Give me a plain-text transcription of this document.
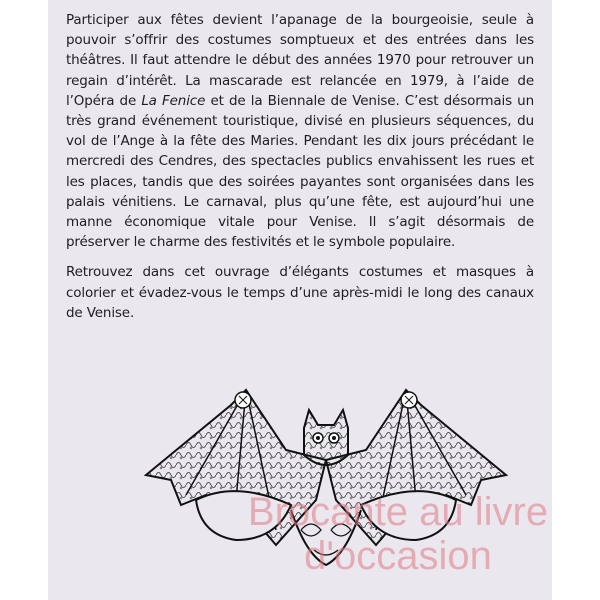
Participer aux fêtes devient l’apanage de la bourgeoisie, seule à pouvoir s’offrir des costumes somptueux et des entrées dans les théâtres. Il faut attendre le début des années 1970 pour retrouver un regain d’intérêt. La mascarade est relancée en 1979, à l’aide de l’Opéra de La Fenice et de la Biennale de Venise. C’est désormais un très grand événement touristique, divisé en plusieurs séquences, du vol de l’Ange à la fête des Maries. Pendant les dix jours précédant le mercredi des Cendres, des spectacles publics envahissent les rues et les places, tandis que des soirées payantes sont organisées dans les palais vénitiens. Le carnaval, plus qu’une fête, est aujourd’hui une manne économique vitale pour Venise. Il s’agit désormais de préserver le charme des festivités et le symbole populaire.

Retrouvez dans cet ouvrage d’élégants costumes et masques à colorier et évadez-vous le temps d’une après-midi le long des canaux de Venise.

Brocante au livre
d'occasion
